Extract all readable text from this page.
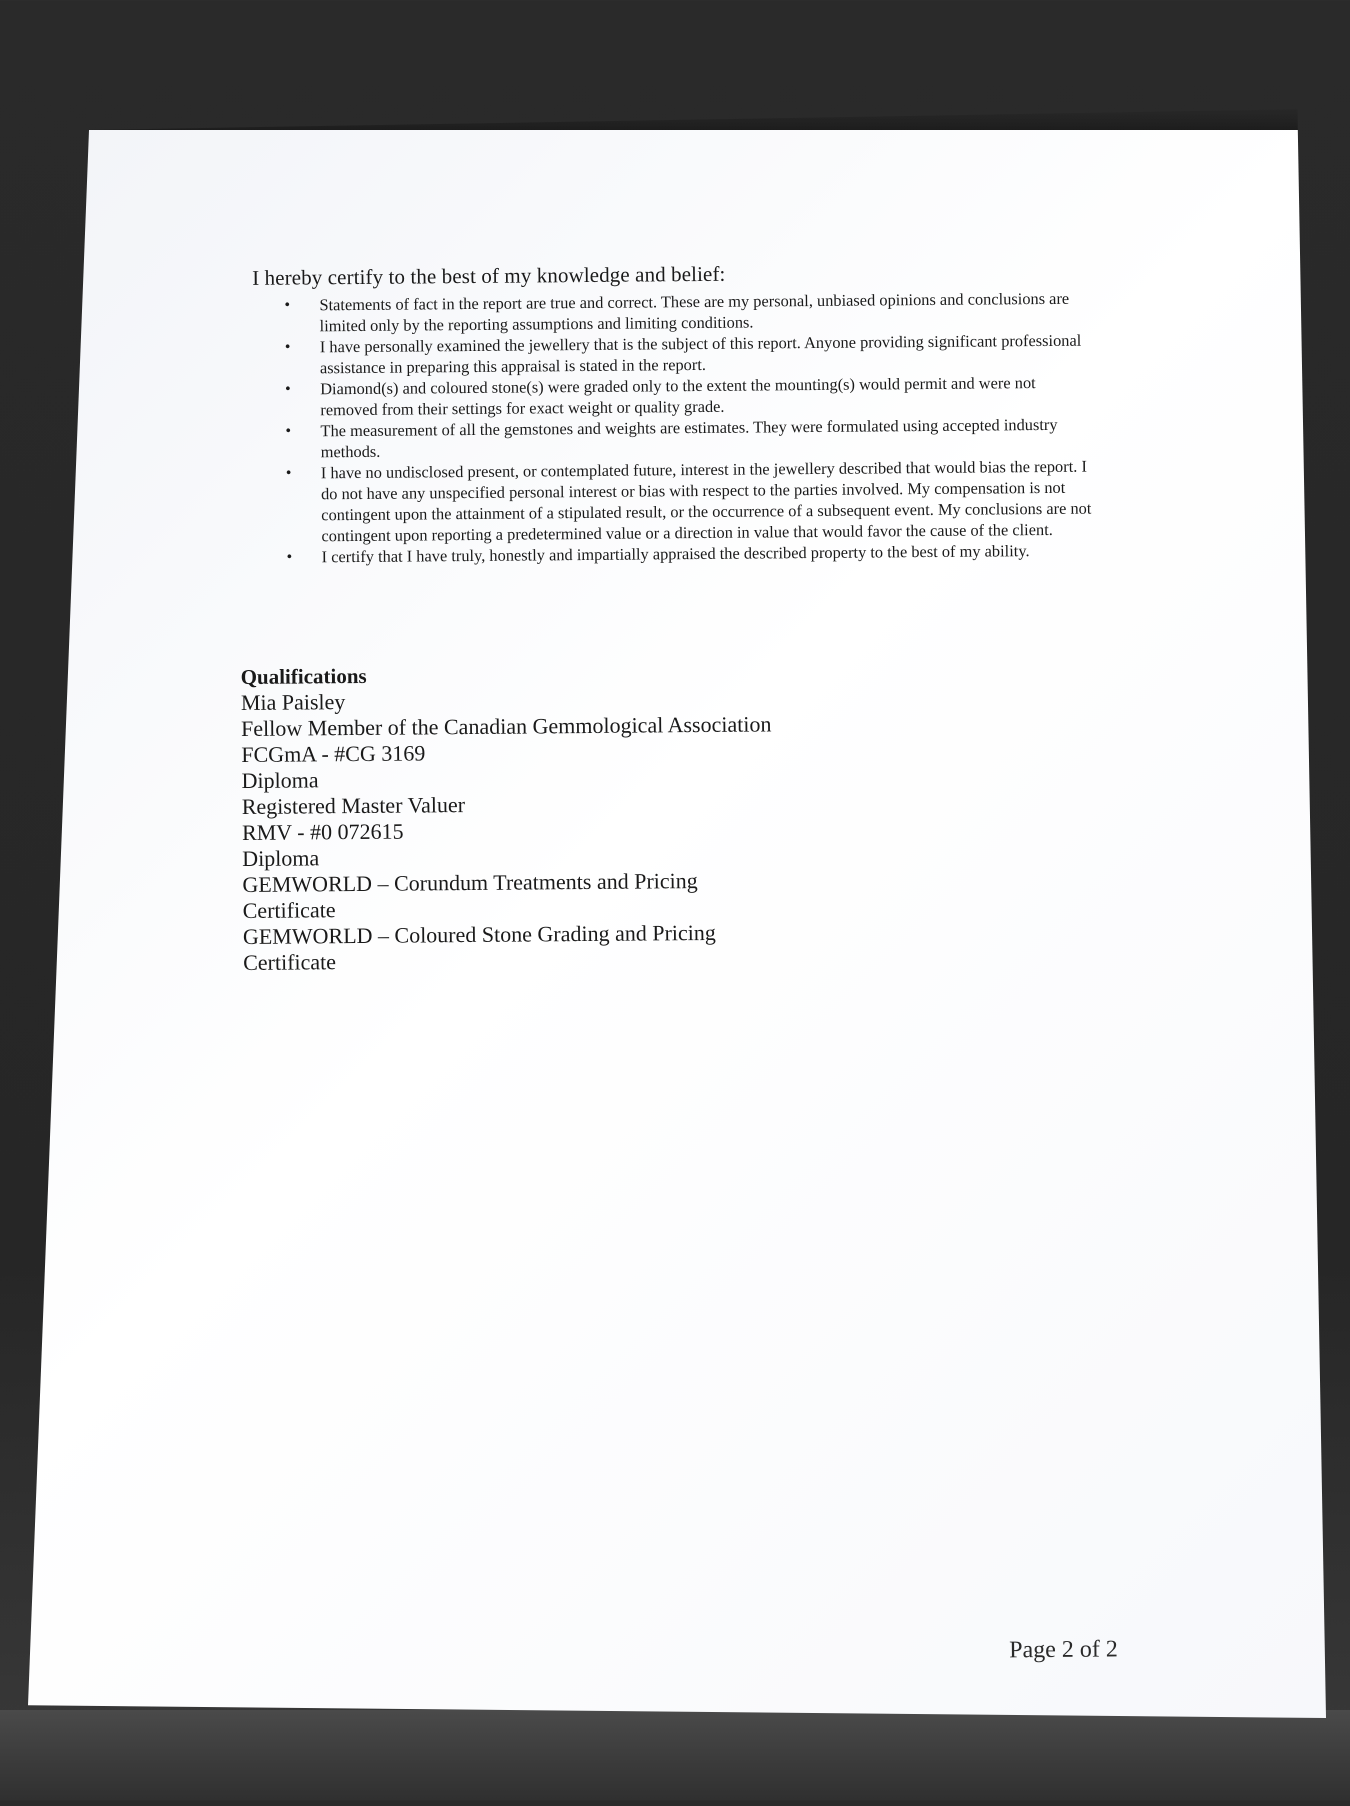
I hereby certify to the best of my knowledge and belief:
• Statements of fact in the report are true and correct. These are my personal, unbiased opinions and conclusions are limited only by the reporting assumptions and limiting conditions.
• I have personally examined the jewellery that is the subject of this report. Anyone providing significant professional assistance in preparing this appraisal is stated in the report.
• Diamond(s) and coloured stone(s) were graded only to the extent the mounting(s) would permit and were not removed from their settings for exact weight or quality grade.
• The measurement of all the gemstones and weights are estimates. They were formulated using accepted industry methods.
• I have no undisclosed present, or contemplated future, interest in the jewellery described that would bias the report. I do not have any unspecified personal interest or bias with respect to the parties involved. My compensation is not contingent upon the attainment of a stipulated result, or the occurrence of a subsequent event. My conclusions are not contingent upon reporting a predetermined value or a direction in value that would favor the cause of the client.
• I certify that I have truly, honestly and impartially appraised the described property to the best of my ability.
Qualifications
Mia Paisley
Fellow Member of the Canadian Gemmological Association
FCGmA - #CG 3169
Diploma
Registered Master Valuer
RMV - #0 072615
Diploma
GEMWORLD – Corundum Treatments and Pricing
Certificate
GEMWORLD – Coloured Stone Grading and Pricing
Certificate
Page 2 of 2
